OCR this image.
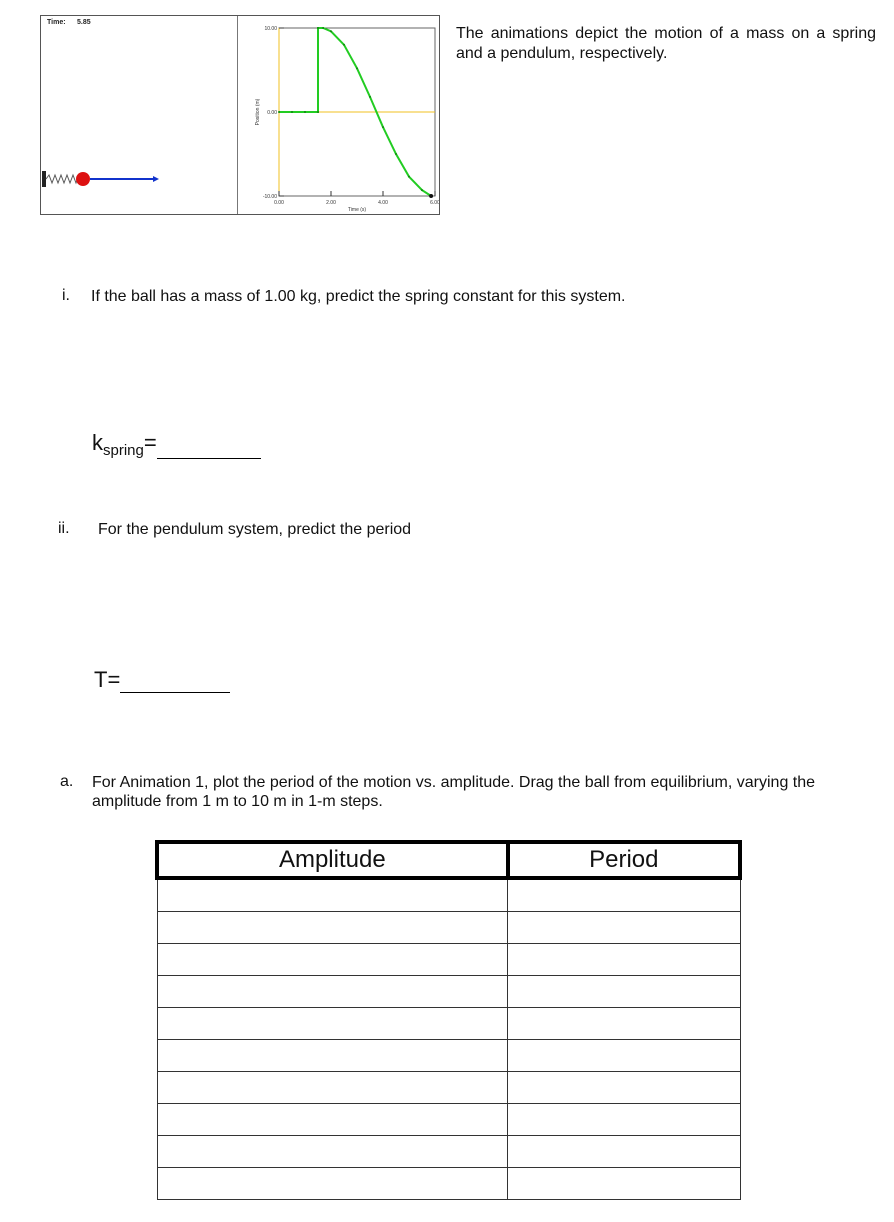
Time: 5.85
0.00	2.00	4.00	6.00
10.00
0.00
-10.00
Time (s)
Position (m)
The animations depict the motion of a mass on a spring and a pendulum, respectively.
i. If the ball has a mass of 1.00 kg, predict the spring constant for this system.
$k_{spring}=$
ii. For the pendulum system, predict the period
T=
a. For Animation 1, plot the period of the motion vs. amplitude. Drag the ball from equilibrium, varying the amplitude from 1 m to 10 m in 1-m steps.
Amplitude	Period
